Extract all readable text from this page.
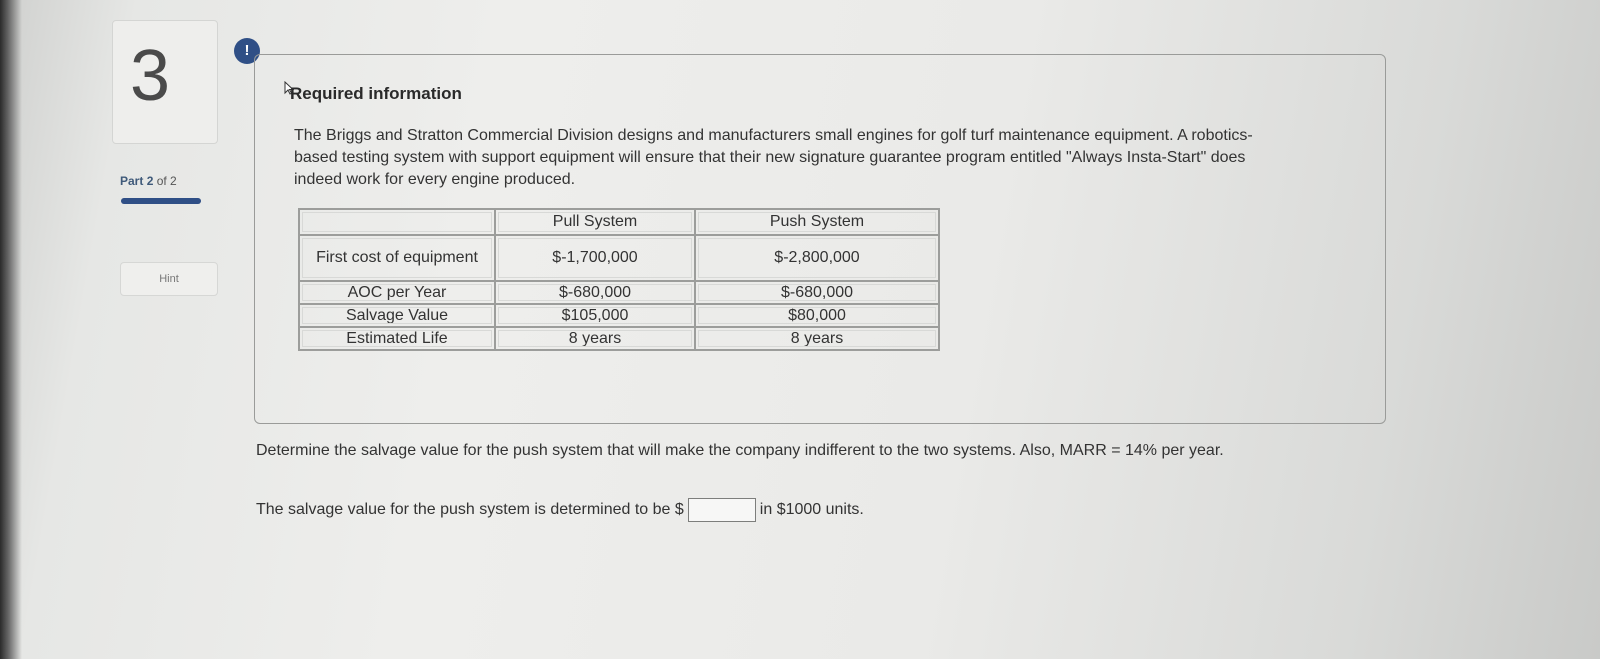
3
Part 2 of 2
Hint
!
Required information
The Briggs and Stratton Commercial Division designs and manufacturers small engines for golf turf maintenance equipment. A robotics-based testing system with support equipment will ensure that their new signature guarantee program entitled "Always Insta-Start" does indeed work for every engine produced.
	Pull System	Push System
First cost of equipment	$-1,700,000	$-2,800,000
AOC per Year	$-680,000	$-680,000
Salvage Value	$105,000	$80,000
Estimated Life	8 years	8 years
Determine the salvage value for the push system that will make the company indifferent to the two systems. Also, MARR = 14% per year.
The salvage value for the push system is determined to be $	in $1000 units.
